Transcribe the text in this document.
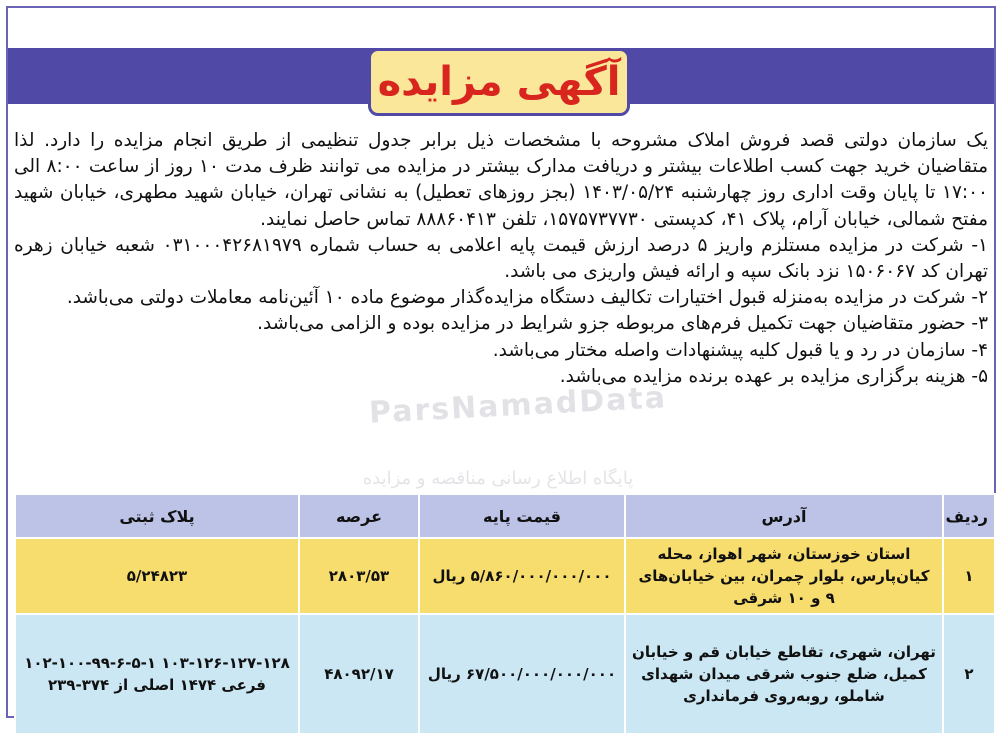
آگهی مزایده
ParsNamadData
پایگاه اطلاع رسانی مناقصه و مزایده

یک سازمان دولتی قصد فروش املاک مشروحه با مشخصات ذیل برابر جدول تنظیمی از طریق انجام مزایده را دارد. لذا متقاضیان خرید جهت کسب اطلاعات بیشتر و دریافت مدارک بیشتر در مزایده می توانند ظرف مدت ۱۰ روز از ساعت ۸:۰۰ الی ۱۷:۰۰ تا پایان وقت اداری روز چهارشنبه ۱۴۰۳/۰۵/۲۴ (بجز روزهای تعطیل) به نشانی تهران، خیابان شهید مطهری، خیابان شهید مفتح شمالی، خیابان آرام، پلاک ۴۱، کدپستی ۱۵۷۵۷۳۷۷۳۰، تلفن ۸۸۸۶۰۴۱۳ تماس حاصل نمایند.

۱- شرکت در مزایده مستلزم واریز ۵ درصد ارزش قیمت پایه اعلامی به حساب شماره ۰۳۱۰۰۰۴۲۶۸۱۹۷۹ شعبه خیابان زهره تهران کد ۱۵۰۶۰۶۷ نزد بانک سپه و ارائه فیش واریزی می باشد.
۲- شرکت در مزایده به‌منزله قبول اختیارات تکالیف دستگاه مزایده‌گذار موضوع ماده ۱۰ آئین‌نامه معاملات دولتی می‌باشد.
۳- حضور متقاضیان جهت تکمیل فرم‌های مربوطه جزو شرایط در مزایده بوده و الزامی می‌باشد.
۴- سازمان در رد و یا قبول کلیه پیشنهادات واصله مختار می‌باشد.
۵- هزینه برگزاری مزایده بر عهده برنده مزایده می‌باشد.
ردیف	آدرس	قیمت پایه	عرصه	پلاک ثبتی
۱	استان خوزستان، شهر اهواز، محله کیان‌پارس، بلوار چمران، بین خیابان‌های ۹ و ۱۰ شرقی	۵/۸۶۰/۰۰۰/۰۰۰/۰۰۰ ریال	۲۸۰۳/۵۳	۵/۲۴۸۲۳
۲	تهران، شهری، تقاطع خیابان قم و خیابان کمیل، ضلع جنوب شرقی میدان شهدای شاملو، روبه‌روی فرمانداری	۶۷/۵۰۰/۰۰۰/۰۰۰/۰۰۰ ریال	۴۸۰۹۲/۱۷	۱۰۳-۱۲۶-۱۲۷-۱۲۸ ۱۰۲-۱۰۰-۹۹-۶-۵-۱ فرعی ۱۴۷۴ اصلی از ۳۷۴-۲۳۹
